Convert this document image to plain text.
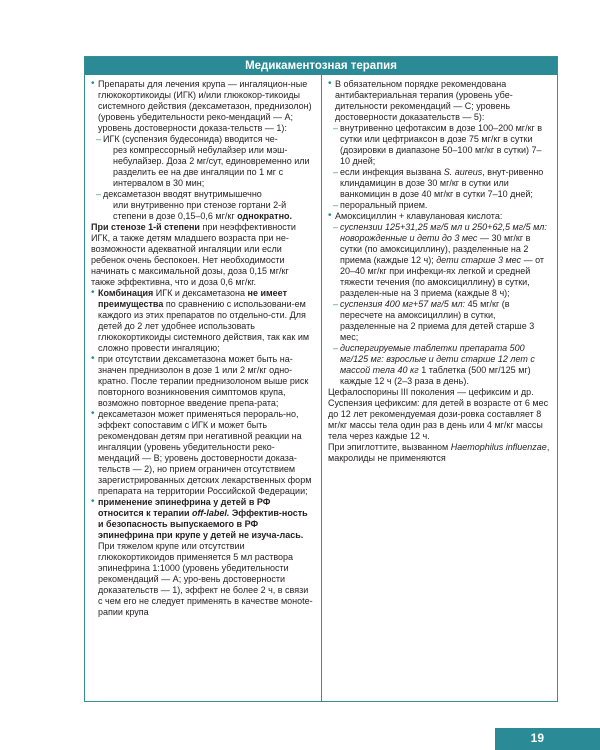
Медикаментозная терапия
• Препараты для лечения крупа — ингаляцион-ные глюкокортикоиды (ИГК) и/или глюкокор-тикоиды системного действия (дексаметазон, преднизолон) (уровень убедительности реко-мендаций — А; уровень достоверности доказа-тельств — 1):
– ИГК (суспензия будесонида) вводится че-
рез компрессорный небулайзер или мэш-небулайзер. Доза 2 мг/сут, единовременно или разделить ее на две ингаляции по 1 мг с интервалом в 30 мин;
– дексаметазон вводят внутримышечно
или внутривенно при стенозе гортани 2-й степени в дозе 0,15–0,6 мг/кг однократно.
При стенозе 1-й степени при неэффективности ИГК, а также детям младшего возраста при не-возможности адекватной ингаляции или если ребенок очень беспокоен. Нет необходимости начинать с максимальной дозы, доза 0,15 мг/кг также эффективна, что и доза 0,6 мг/кг.
• Комбинация ИГК и дексаметазона не имеет преимущества по сравнению с использовани-ем каждого из этих препаратов по отдельно-сти. Для детей до 2 лет удобнее использовать глюкокортикоиды системного действия, так как им сложно провести ингаляцию;
• при отсутствии дексаметазона может быть на-значен преднизолон в дозе 1 или 2 мг/кг одно-кратно. После терапии преднизолоном выше риск повторного возникновения симптомов крупа, возможно повторное введение препа-рата;
• дексаметазон может применяться перораль-но, эффект сопоставим с ИГК и может быть рекомендован детям при негативной реакции на ингаляции (уровень убедительности реко-мендаций — В; уровень достоверности доказа-тельств — 2), но прием ограничен отсутствием зарегистрированных детских лекарственных форм препарата на территории Российской Федерации;
• применение эпинефрина у детей в РФ относится к терапии off-label. Эффектив-ность и безопасность выпускаемого в РФ эпинефрина при крупе у детей не изучa-лась. При тяжелом крупе или отсутствии глюкокортикоидов применяется 5 мл раствора эпинефрина 1:1000 (уровень убедительности рекомендаций — А; уро-вень достоверности доказательств — 1), эффект не более 2 ч, в связи с чем его не следует применять в качестве монote-рапии крупа
• В обязательном порядке рекомендована антибактериальная терапия (уровень убе-дительности рекомендаций — С; уровень достоверности доказательств — 5):
– внутривенно цефотаксим в дозе 100–200 мг/кг в сутки или цефтриаксон в дозе 75 мг/кг в сутки (дозировки в диапазоне 50–100 мг/кг в сутки) 7–10 дней;
– если инфекция вызвана S. aureus, внут-ривенно клиндамицин в дозе 30 мг/кг в сутки или ванкомицин в дозе 40 мг/кг в сутки 7–10 дней;
– пероральный прием.
• Амоксициллин + клавулановая кислота:
– суспензии 125+31,25 мг/5 мл и 250+62,5 мг/5 мл: новорожденные и дети до 3 мес — 30 мг/кг в сутки (по амоксициллину), разделенные на 2 приема (каждые 12 ч); дети старше 3 мес — от 20–40 мг/кг при инфекци-ях легкой и средней тяжести течения (по амоксициллину) в сутки, разделен-ные на 3 приема (каждые 8 ч);
– суспензия 400 мг+57 мг/5 мл: 45 мг/кг (в пересчете на амоксициллин) в сутки, разделенные на 2 приема для детей старше 3 мес;
– диспергируемые таблетки препарата 500 мг/125 мг: взрослые и дети старше 12 лет с массой тела 40 кг 1 таблетка (500 мг/125 мг) каждые 12 ч (2–3 раза в день).
Цефалоспорины III поколения — цефиксим и др.
Суспензия цефиксим: для детей в возрасте от 6 мес до 12 лет рекомендуемая дози-ровка составляет 8 мг/кг массы тела один раз в день или 4 мг/кг массы тела через каждые 12 ч.
При эпиглоттите, вызванном Haemophilus influenzae, макролиды не применяются
19
